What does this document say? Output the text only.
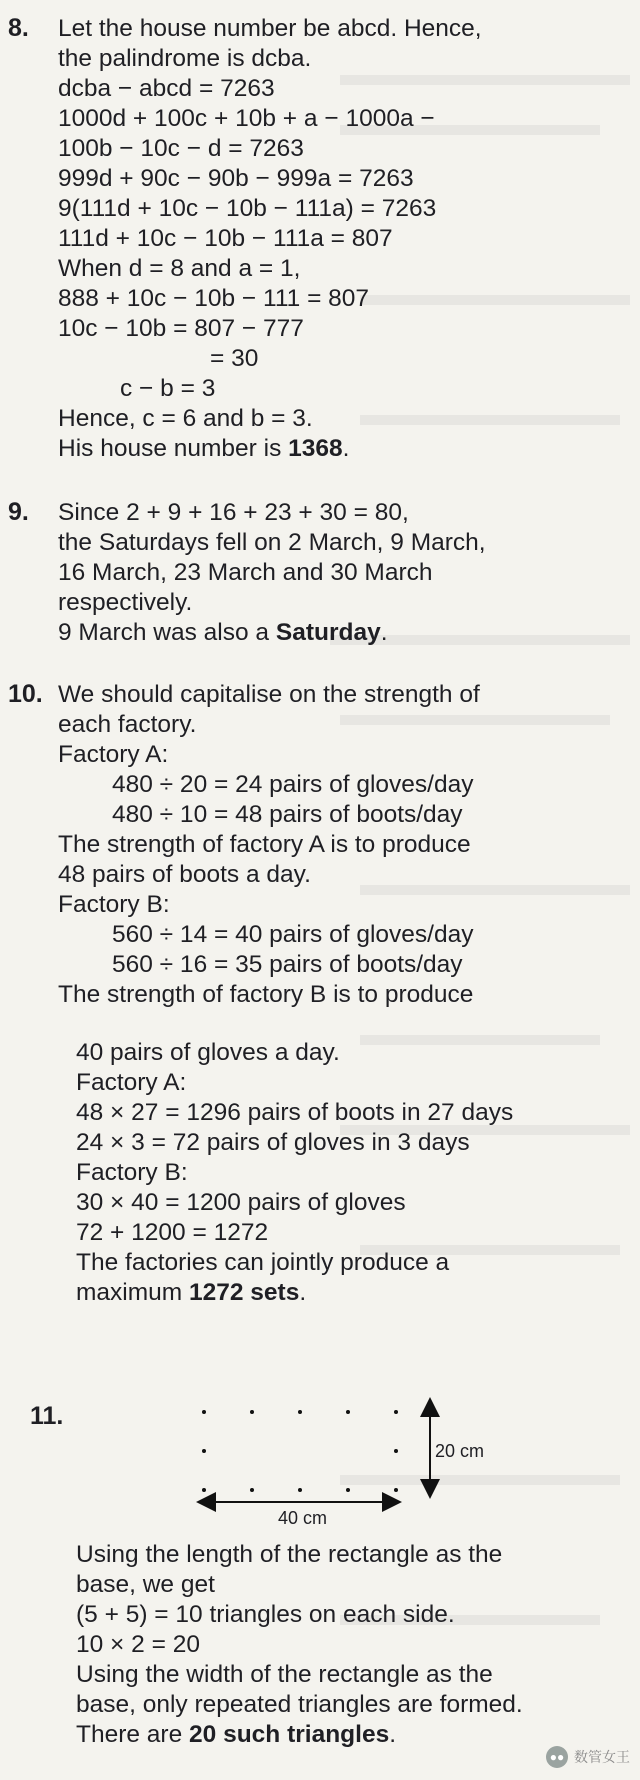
8. Let the house number be abcd. Hence,
the palindrome is dcba.
dcba − abcd = 7263
1000d + 100c + 10b + a − 1000a −
100b − 10c − d = 7263
999d + 90c − 90b − 999a = 7263
9(111d + 10c − 10b − 111a) = 7263
111d + 10c − 10b − 111a = 807
When d = 8 and a = 1,
888 + 10c − 10b − 111 = 807
10c − 10b = 807 − 777
= 30
c − b = 3
Hence, c = 6 and b = 3.
His house number is 1368.
9. Since 2 + 9 + 16 + 23 + 30 = 80,
the Saturdays fell on 2 March, 9 March,
16 March, 23 March and 30 March
respectively.
9 March was also a Saturday.
10. We should capitalise on the strength of
each factory.
Factory A:
480 ÷ 20 = 24 pairs of gloves/day
480 ÷ 10 = 48 pairs of boots/day
The strength of factory A is to produce
48 pairs of boots a day.
Factory B:
560 ÷ 14 = 40 pairs of gloves/day
560 ÷ 16 = 35 pairs of boots/day
The strength of factory B is to produce
40 pairs of gloves a day.
Factory A:
48 × 27 = 1296 pairs of boots in 27 days
24 × 3 = 72 pairs of gloves in 3 days
Factory B:
30 × 40 = 1200 pairs of gloves
72 + 1200 = 1272
The factories can jointly produce a
maximum 1272 sets.
11.
20 cm
40 cm
Using the length of the rectangle as the
base, we get
(5 + 5) = 10 triangles on each side.
10 × 2 = 20
Using the width of the rectangle as the
base, only repeated triangles are formed.
There are 20 such triangles.
●● 数管女王
